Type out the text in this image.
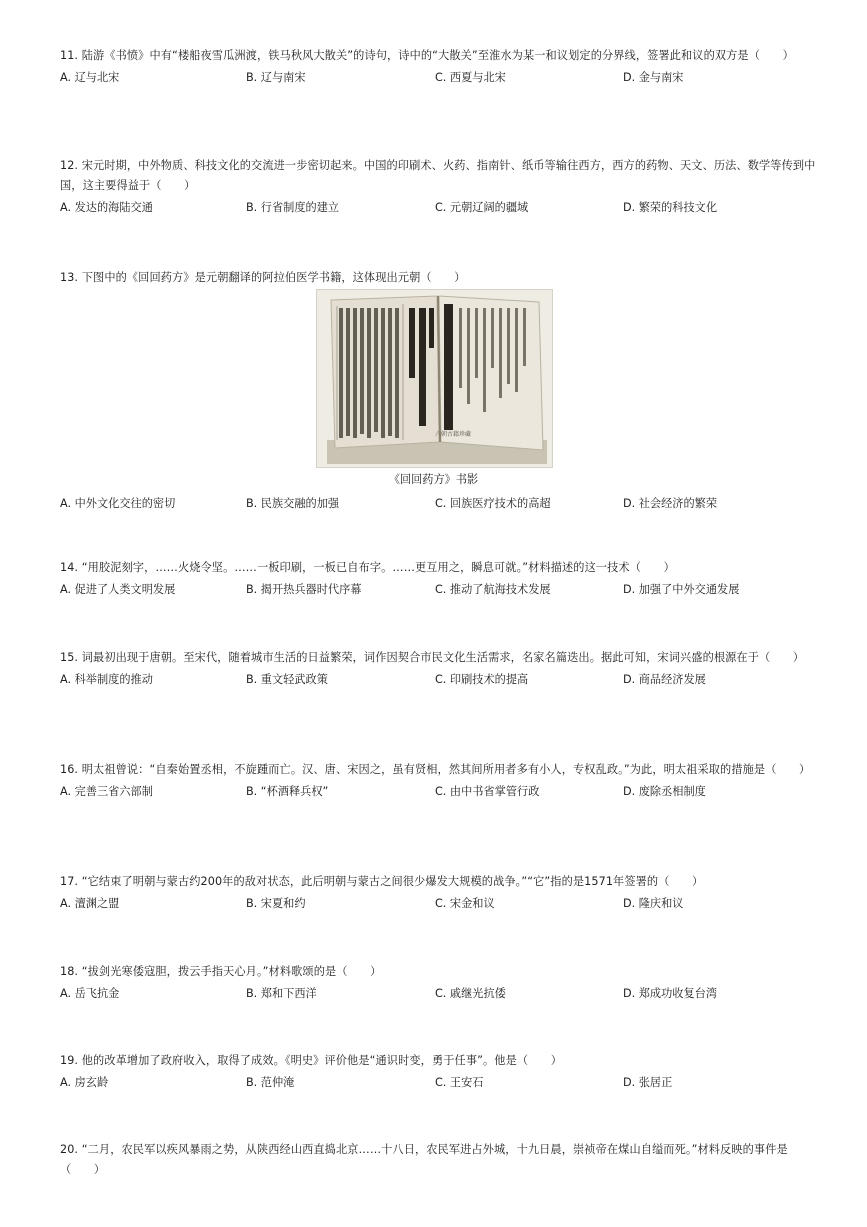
11. 陆游《书愤》中有“楼船夜雪瓜洲渡，铁马秋风大散关”的诗句，诗中的“大散关”至淮水为某一和议划定的分界线，签署此和议的双方是（　　）
A. 辽与北宋	B. 辽与南宋	C. 西夏与北宋	D. 金与南宋
12. 宋元时期，中外物质、科技文化的交流进一步密切起来。中国的印刷术、火药、指南针、纸币等输往西方，西方的药物、天文、历法、数学等传到中国，这主要得益于（　　）
A. 发达的海陆交通	B. 行省制度的建立	C. 元朝辽阔的疆域	D. 繁荣的科技文化
13. 下图中的《回回药方》是元朝翻译的阿拉伯医学书籍，这体现出元朝（　　）
六朝古籍珍藏
《回回药方》书影
A. 中外文化交往的密切	B. 民族交融的加强	C. 回族医疗技术的高超	D. 社会经济的繁荣
14. “用胶泥刻字，……火烧令坚。……一板印刷，一板已自布字。……更互用之，瞬息可就。”材料描述的这一技术（　　）
A. 促进了人类文明发展	B. 揭开热兵器时代序幕	C. 推动了航海技术发展	D. 加强了中外交通发展
15. 词最初出现于唐朝。至宋代，随着城市生活的日益繁荣，词作因契合市民文化生活需求，名家名篇迭出。据此可知，宋词兴盛的根源在于（　　）
A. 科举制度的推动	B. 重文轻武政策	C. 印刷技术的提高	D. 商品经济发展
16. 明太祖曾说：“自秦始置丞相，不旋踵而亡。汉、唐、宋因之，虽有贤相，然其间所用者多有小人，专权乱政。”为此，明太祖采取的措施是（　　）
A. 完善三省六部制	B. “杯酒释兵权”	C. 由中书省掌管行政	D. 废除丞相制度
17. “它结束了明朝与蒙古约200年的敌对状态，此后明朝与蒙古之间很少爆发大规模的战争。”“它”指的是1571年签署的（　　）
A. 澶渊之盟	B. 宋夏和约	C. 宋金和议	D. 隆庆和议
18. “拔剑光寒倭寇胆，拨云手指天心月。”材料歌颂的是（　　）
A. 岳飞抗金	B. 郑和下西洋	C. 戚继光抗倭	D. 郑成功收复台湾
19. 他的改革增加了政府收入，取得了成效。《明史》评价他是“通识时变，勇于任事”。他是（　　）
A. 房玄龄	B. 范仲淹	C. 王安石	D. 张居正
20. “二月，农民军以疾风暴雨之势，从陕西经山西直捣北京……十八日，农民军进占外城，十九日晨，崇祯帝在煤山自缢而死。”材料反映的事件是（　　）
